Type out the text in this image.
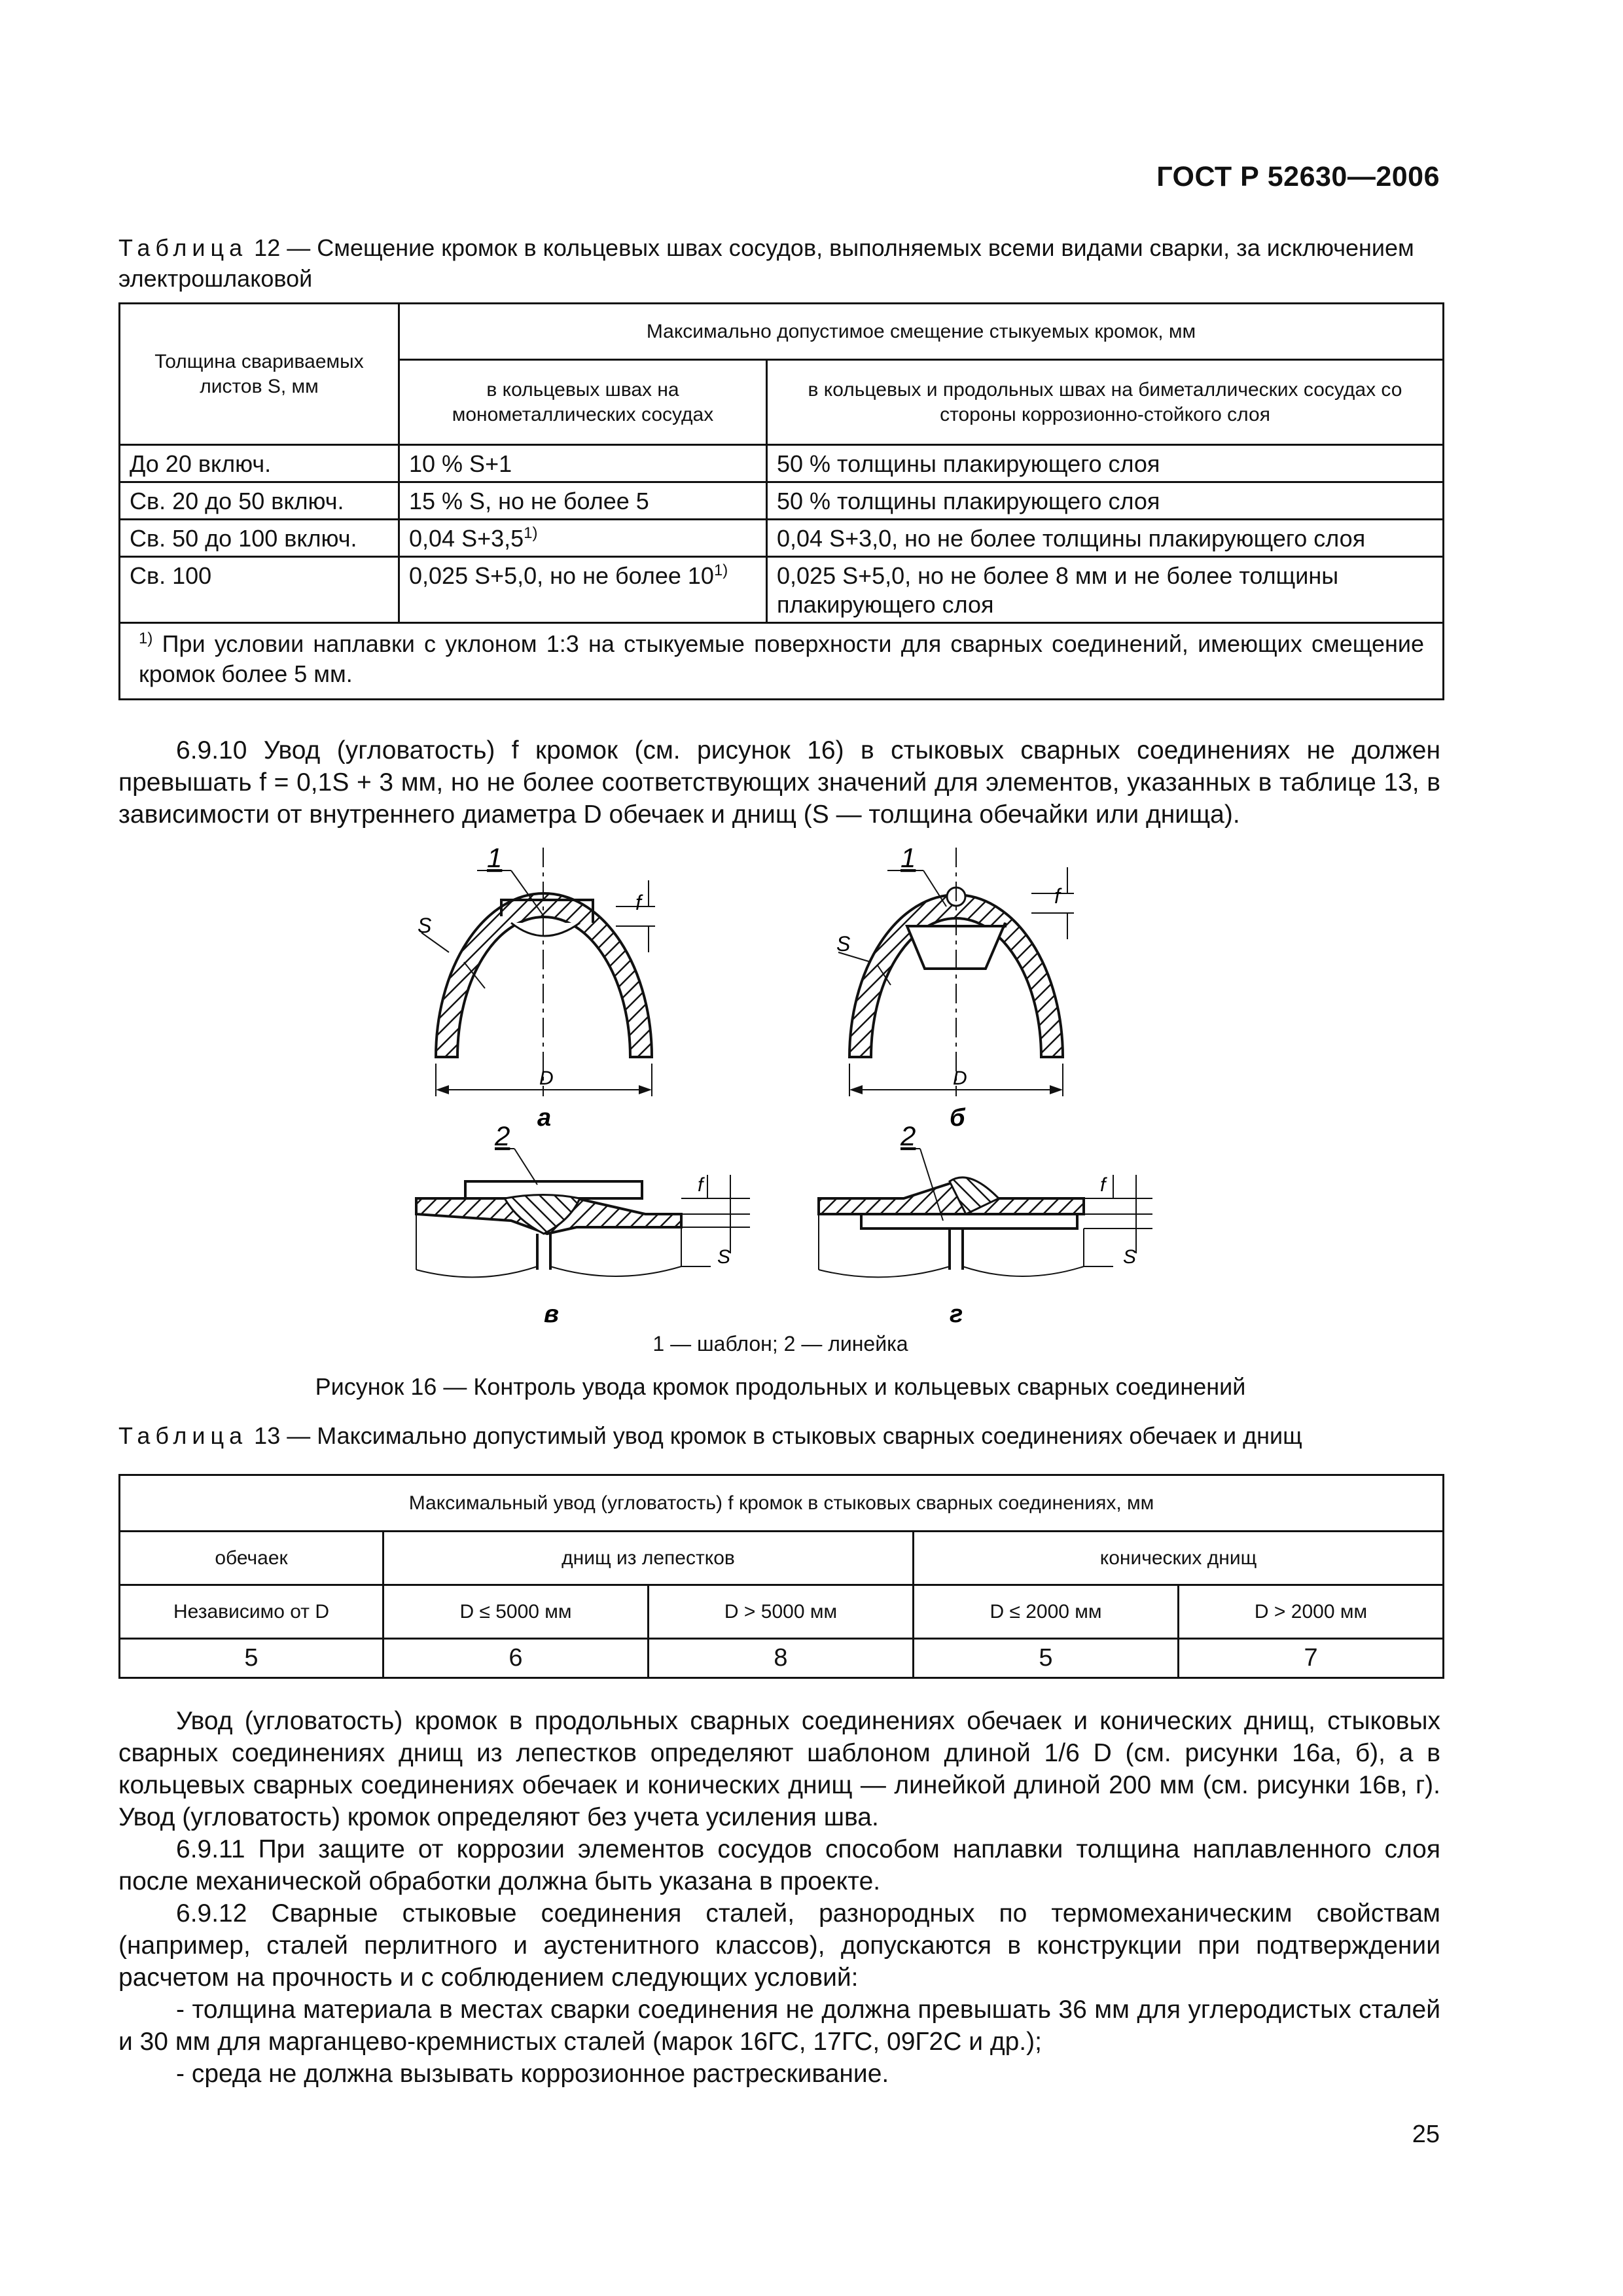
ГОСТ Р 52630—2006
Таблица 12 — Смещение кромок в кольцевых швах сосудов, выполняемых всеми видами сварки, за исключением электрошлаковой
Толщина свариваемых листов S, мм	Максимально допустимое смещение стыкуемых кромок, мм	
	в кольцевых швах на монометаллических сосудах	в кольцевых и продольных швах на биметаллических сосудах со стороны коррозионно-стойкого слоя
До 20 включ.	10 % S+1	50 % толщины плакирующего слоя
Св. 20 до 50 включ.	15 % S, но не более 5	50 % толщины плакирующего слоя
Св. 50 до 100 включ.	0,04 $S+3,5^{1)}$	0,04 S+3,0, но не более толщины плакирующего слоя
Св. 100	0,025 S+5,0, но не более 10$^{1)}$	0,025 S+5,0, но не более 8 мм и не более толщины плакирующего слоя
$^{1)}$ При условии наплавки с уклоном 1:3 на стыкуемые поверхности для сварных соединений, имеющих смещение кромок более 5 мм.		

6.9.10 Увод (угловатость) f кромок (см. рисунок 16) в стыковых сварных соединениях не должен превышать f = 0,1S + 3 мм, но не более соответствующих значений для элементов, указанных в таблице 13, в зависимости от внутреннего диаметра D обечаек и днищ (S — толщина обечайки или днища).

1
S
f
D
а
1
S
f
D
б
2
f
S
в
2
f
S
г
1 — шаблон; 2 — линейка
Рисунок 16 — Контроль увода кромок продольных и кольцевых сварных соединений
Таблица 13 — Максимально допустимый увод кромок в стыковых сварных соединениях обечаек и днищ
Максимальный увод (угловатость) f кромок в стыковых сварных соединениях, мм				
обечаек	днищ из лепестков		конических днищ	
Независимо от D	D ≤ 5000 мм	D > 5000 мм	D ≤ 2000 мм	D > 2000 мм
5	6	8	5	7

Увод (угловатость) кромок в продольных сварных соединениях обечаек и конических днищ, стыковых сварных соединениях днищ из лепестков определяют шаблоном длиной 1/6 D (см. рисунки 16а, б), а в кольцевых сварных соединениях обечаек и конических днищ — линейкой длиной 200 мм (см. рисунки 16в, г). Увод (угловатость) кромок определяют без учета усиления шва.

6.9.11 При защите от коррозии элементов сосудов способом наплавки толщина наплавленного слоя после механической обработки должна быть указана в проекте.

6.9.12 Сварные стыковые соединения сталей, разнородных по термомеханическим свойствам (например, сталей перлитного и аустенитного классов), допускаются в конструкции при подтверждении расчетом на прочность и с соблюдением следующих условий:

- толщина материала в местах сварки соединения не должна превышать 36 мм для углеродистых сталей и 30 мм для марганцево-кремнистых сталей (марок 16ГС, 17ГС, 09Г2С и др.);

- среда не должна вызывать коррозионное растрескивание.

25
